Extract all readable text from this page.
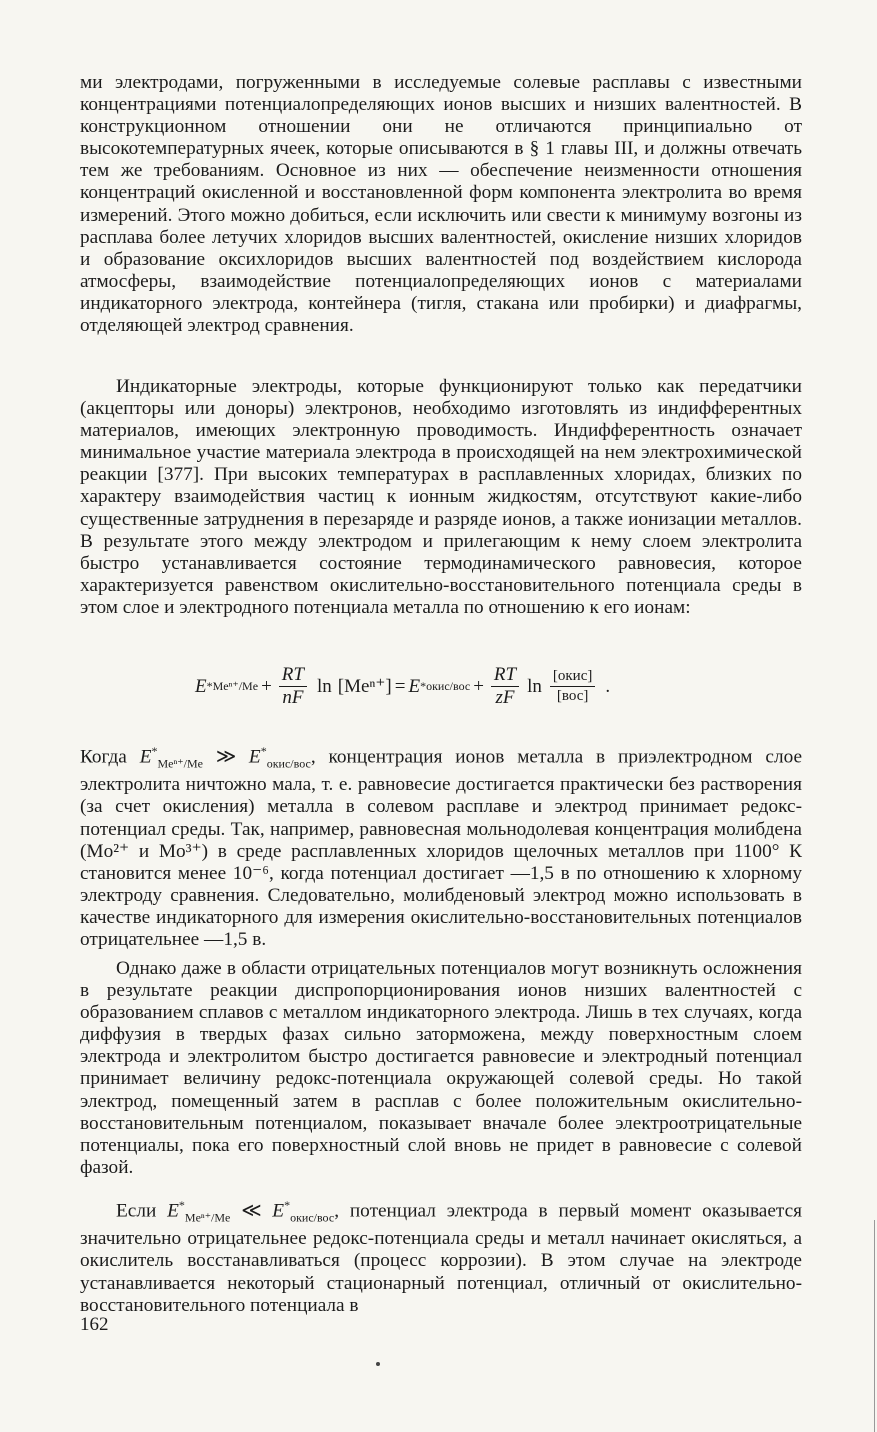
ми электродами, погруженными в исследуемые солевые расплавы с известными концентрациями потенциалопределяющих ионов высших и низших валентностей. В конструкционном отношении они не отличаются принципиально от высокотемпературных ячеек, которые описываются в § 1 главы III, и должны отвечать тем же требованиям. Основное из них — обеспечение неизменности отношения концентраций окисленной и восстановленной форм компонента электролита во время измерений. Этого можно добиться, если исключить или свести к минимуму возгоны из расплава более летучих хлоридов высших валентностей, окисление низших хлоридов и образование оксихлоридов высших валентностей под воздействием кислорода атмосферы, взаимодействие потенциалопределяющих ионов с материалами индикаторного электрода, контейнера (тигля, стакана или пробирки) и диафрагмы, отделяющей электрод сравнения.

Индикаторные электроды, которые функционируют только как передатчики (акцепторы или доноры) электронов, необходимо изготовлять из индифферентных материалов, имеющих электронную проводимость. Индифферентность означает минимальное участие материала электрода в происходящей на нем электрохимической реакции [377]. При высоких температурах в расплавленных хлоридах, близких по характеру взаимодействия частиц к ионным жидкостям, отсутствуют какие-либо существенные затруднения в перезаряде и разряде ионов, а также ионизации металлов. В результате этого между электродом и прилегающим к нему слоем электролита быстро устанавливается состояние термодинамического равновесия, которое характеризуется равенством окислительно-восстановительного потенциала среды в этом слое и электродного потенциала металла по отношению к его ионам:

$E * Me^{n+}/Me + \frac{RT}{nF}$ ln [Meⁿ⁺] = E * окис/вос + $\frac{RT}{zF}$ $\ln \frac{\text{[окис]}}{\text{[вос]}}$ .

Когда $E^*_{Me^{n+}/Me}$ ≫ $E^*_{окис/вос}$, концентрация ионов металла в приэлектродном слое электролита ничтожно мала, т. е. равновесие достигается практически без растворения (за счет окисления) металла в солевом расплаве и электрод принимает редокс-потенциал среды. Так, например, равновесная мольнодолевая концентрация молибдена (Mo²⁺ и Mo³⁺) в среде расплавленных хлоридов щелочных металлов при 1100° К становится менее 10⁻⁶, когда потенциал достигает —1,5 в по отношению к хлорному электроду сравнения. Следовательно, молибденовый электрод можно использовать в качестве индикаторного для измерения окислительно-восстановительных потенциалов отрицательнее —1,5 в.

Однако даже в области отрицательных потенциалов могут возникнуть осложнения в результате реакции диспропорционирования ионов низших валентностей с образованием сплавов с металлом индикаторного электрода. Лишь в тех случаях, когда диффузия в твердых фазах сильно заторможена, между поверхностным слоем электрода и электролитом быстро достигается равновесие и электродный потенциал принимает величину редокс-потенциала окружающей солевой среды. Но такой электрод, помещенный затем в расплав с более положительным окислительно-восстановительным потенциалом, показывает вначале более электроотрицательные потенциалы, пока его поверхностный слой вновь не придет в равновесие с солевой фазой.

Если $E^*_{Me^{n+}/Me}$ ≪ $E^*_{окис/вос}$, потенциал электрода в первый момент оказывается значительно отрицательнее редокс-потенциала среды и металл начинает окисляться, а окислитель восстанавливаться (процесс коррозии). В этом случае на электроде устанавливается некоторый стационарный потенциал, отличный от окислительно-восстановительного потенциала в

162
